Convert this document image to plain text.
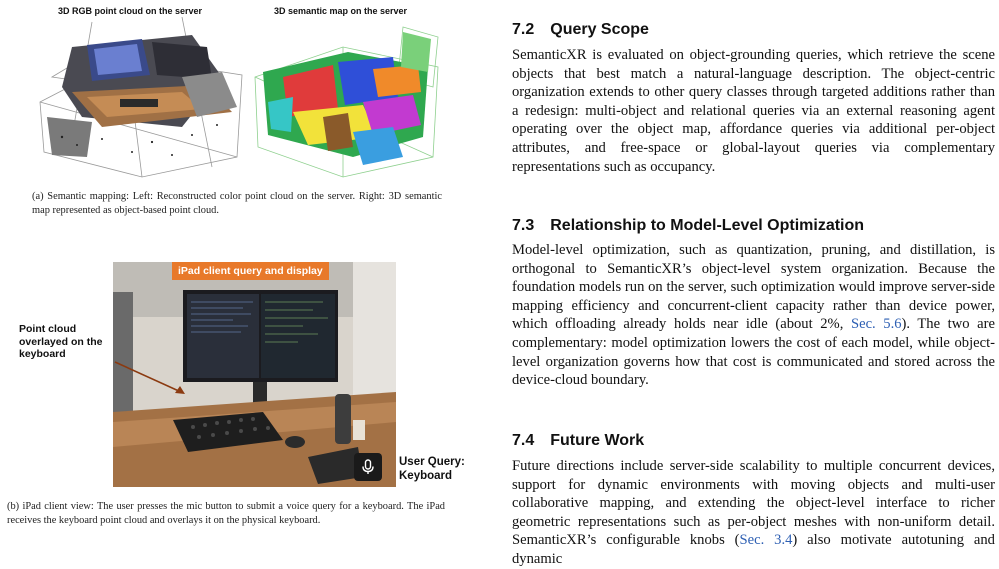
3D RGB point cloud on the server	3D semantic map on the server
(a) Semantic mapping: Left: Reconstructed color point cloud on the server. Right: 3D semantic map represented as object-based point cloud.
iPad client query and display
Point cloud overlayed on the keyboard
User Query: Keyboard
(b) iPad client view: The user presses the mic button to submit a voice query for a keyboard. The iPad receives the keyboard point cloud and overlays it on the physical keyboard.
7.2 Query Scope
SemanticXR is evaluated on object-grounding queries, which retrieve the scene objects that best match a natural-language description. The object-centric organization extends to other query classes through targeted additions rather than a redesign: multi-object and relational queries via an external reasoning agent operating over the object map, affordance queries via additional per-object attributes, and free-space or global-layout queries via complementary representations such as occupancy.
7.3 Relationship to Model-Level Optimization
Model-level optimization, such as quantization, pruning, and distillation, is orthogonal to SemanticXR’s object-level system organization. Because the foundation models run on the server, such optimization would improve server-side mapping efficiency and concurrent-client capacity rather than device power, which offloading already holds near idle (about 2%, Sec. 5.6). The two are complementary: model optimization lowers the cost of each model, while object-level organization governs how that cost is communicated and stored across the device-cloud boundary.
7.4 Future Work
Future directions include server-side scalability to multiple concurrent devices, support for dynamic environments with moving objects and multi-user collaborative mapping, and extending the object-level interface to richer geometric representations such as per-object meshes with non-uniform detail. SemanticXR’s configurable knobs (Sec. 3.4) also motivate autotuning and dynamic
